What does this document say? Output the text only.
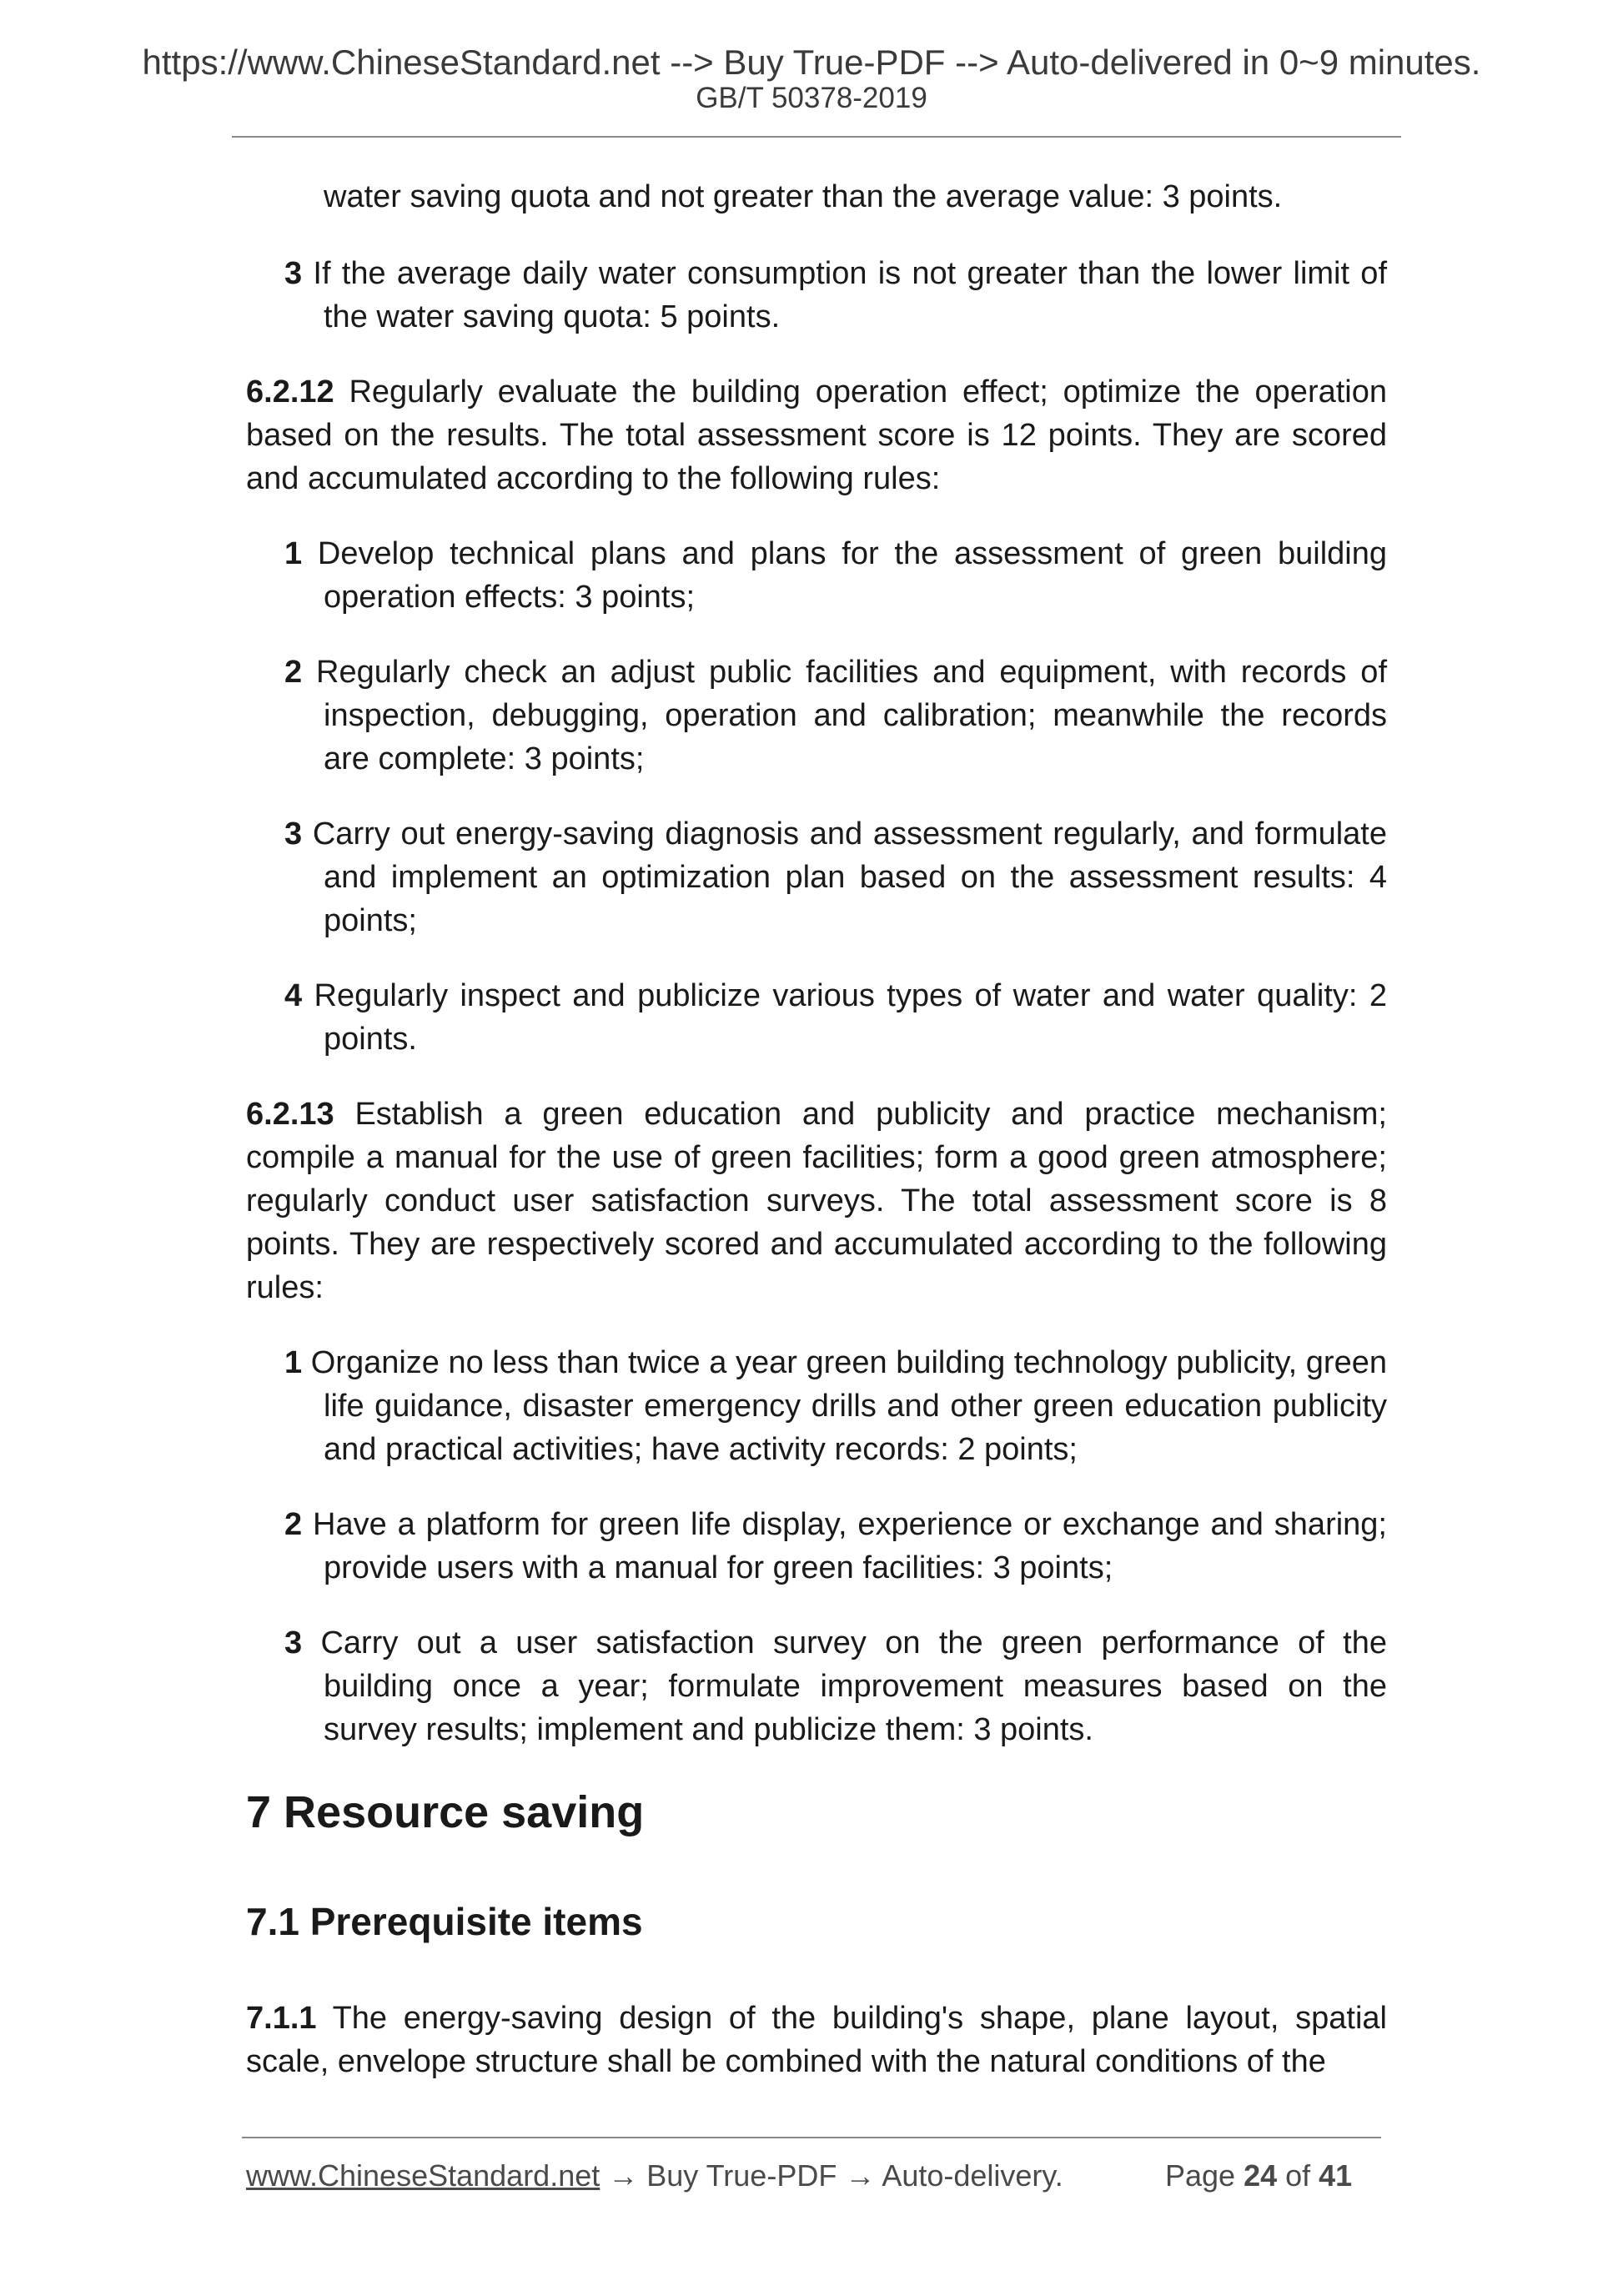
https://www.ChineseStandard.net --> Buy True-PDF --> Auto-delivered in 0~9 minutes.
GB/T 50378-2019

water saving quota and not greater than the average value: 3 points.

3 If the average daily water consumption is not greater than the lower limit of the water saving quota: 5 points.

6.2.12 Regularly evaluate the building operation effect; optimize the operation based on the results. The total assessment score is 12 points. They are scored and accumulated according to the following rules:

1 Develop technical plans and plans for the assessment of green building operation effects: 3 points;

2 Regularly check an adjust public facilities and equipment, with records of inspection, debugging, operation and calibration; meanwhile the records are complete: 3 points;

3 Carry out energy-saving diagnosis and assessment regularly, and formulate and implement an optimization plan based on the assessment results: 4 points;

4 Regularly inspect and publicize various types of water and water quality: 2 points.

6.2.13 Establish a green education and publicity and practice mechanism; compile a manual for the use of green facilities; form a good green atmosphere; regularly conduct user satisfaction surveys. The total assessment score is 8 points. They are respectively scored and accumulated according to the following rules:

1 Organize no less than twice a year green building technology publicity, green life guidance, disaster emergency drills and other green education publicity and practical activities; have activity records: 2 points;

2 Have a platform for green life display, experience or exchange and sharing; provide users with a manual for green facilities: 3 points;

3 Carry out a user satisfaction survey on the green performance of the building once a year; formulate improvement measures based on the survey results; implement and publicize them: 3 points.

7 Resource saving
7.1 Prerequisite items

7.1.1 The energy-saving design of the building's shape, plane layout, spatial scale, envelope structure shall be combined with the natural conditions of the

www.ChineseStandard.net → Buy True-PDF → Auto-delivery.	Page 24 of 41
